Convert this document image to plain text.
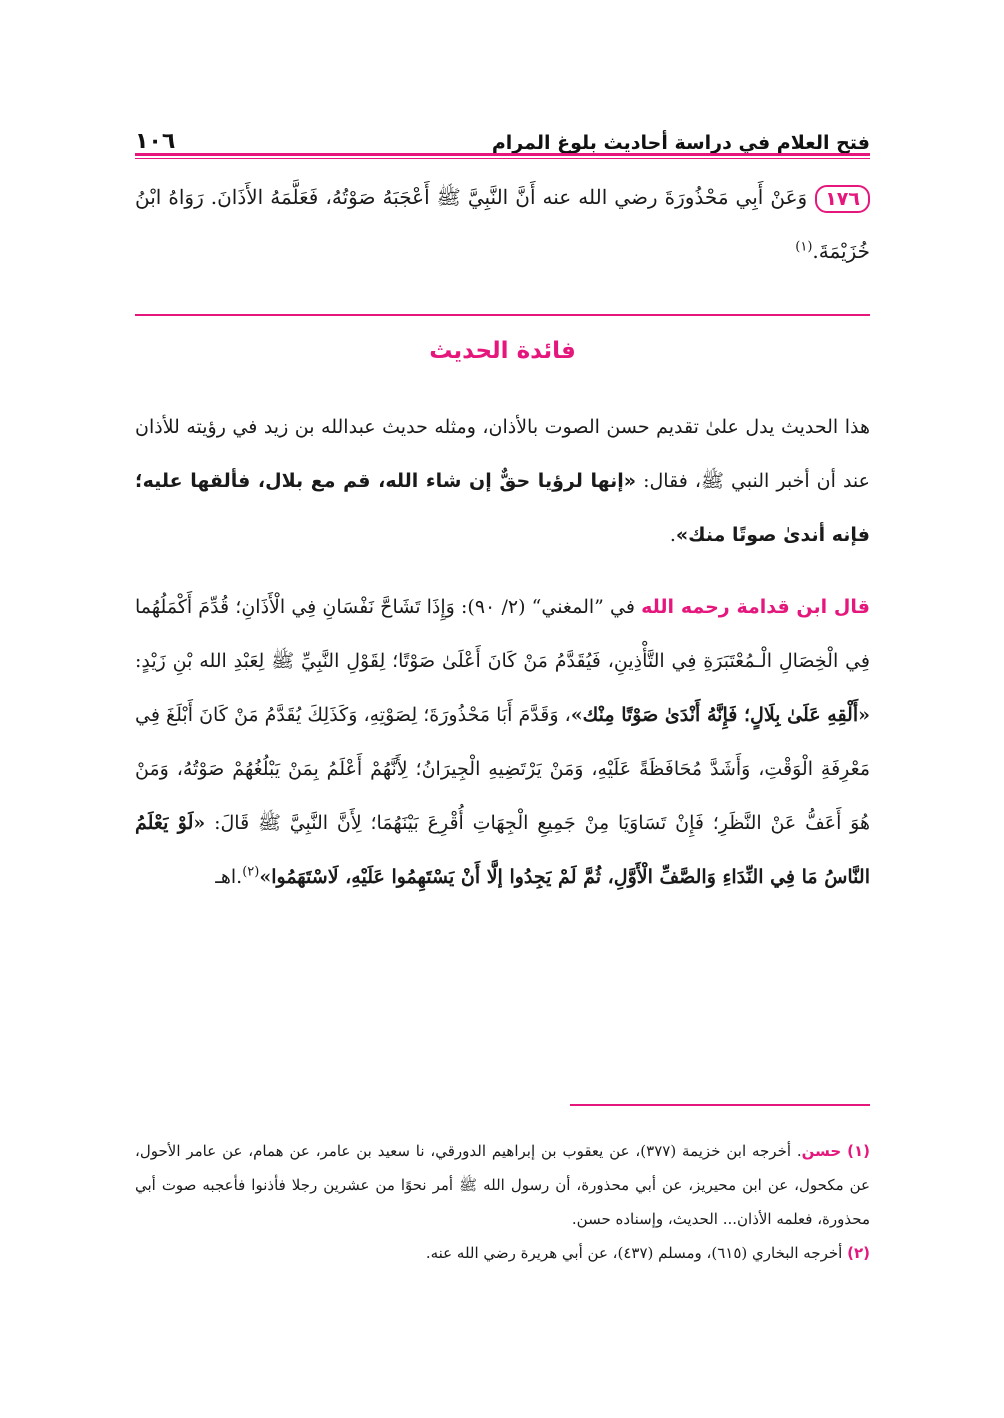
فتح العلام في دراسة أحاديث بلوغ المرام
١٠٦
١٧٦وَعَنْ أَبِي مَحْذُورَةَ رضي الله عنه أَنَّ النَّبِيَّ ﷺ أَعْجَبَهُ صَوْتُهُ، فَعَلَّمَهُ الأَذَانَ. رَوَاهُ ابْنُ خُزَيْمَةَ.$^{(١)}$
فائدة الحديث

هذا الحديث يدل علىٰ تقديم حسن الصوت بالأذان، ومثله حديث عبدالله بن زيد في رؤيته للأذان عند أن أخبر النبي ﷺ، فقال: «إنها لرؤيا حقٌّ إن شاء الله، قم مع بلال، فألقها عليه؛ فإنه أندىٰ صوتًا منك».

قال ابن قدامة رحمه الله في ”المغني“ (٢/ ٩٠): وَإِذَا تَشَاحَّ نَفْسَانِ فِي الْأَذَانِ؛ قُدِّمَ أَكْمَلُهُما فِي الْخِصَالِ الْـمُعْتَبَرَةِ فِي التَّأْذِينِ، فَيُقَدَّمُ مَنْ كَانَ أَعْلَىٰ صَوْتًا؛ لِقَوْلِ النَّبِيِّ ﷺ لِعَبْدِ الله بْنِ زَيْدٍ: «أَلْقِهِ عَلَىٰ بِلَالٍ؛ فَإِنَّهُ أَنْدَىٰ صَوْتًا مِنْك»، وَقَدَّمَ أَبَا مَحْذُورَةَ؛ لِصَوْتِهِ، وَكَذَلِكَ يُقَدَّمُ مَنْ كَانَ أَبْلَغَ فِي مَعْرِفَةِ الْوَقْتِ، وَأَشَدَّ مُحَافَظَةً عَلَيْهِ، وَمَنْ يَرْتَضِيهِ الْجِيرَانُ؛ لِأَنَّهُمْ أَعْلَمُ بِمَنْ يَبْلُغُهُمْ صَوْتُهُ، وَمَنْ هُوَ أَعَفُّ عَنْ النَّظَرِ؛ فَإِنْ تَسَاوَيَا مِنْ جَمِيعِ الْجِهَاتِ أُقْرِعَ بَيْنَهُمَا؛ لِأَنَّ النَّبِيَّ ﷺ قَالَ: «لَوْ يَعْلَمُ النَّاسُ مَا فِي النِّدَاءِ وَالصَّفِّ الْأَوَّلِ، ثُمَّ لَمْ يَجِدُوا إلَّا أَنْ يَسْتَهِمُوا عَلَيْهِ، لَاسْتَهَمُوا»$^{(٢)}$.اهـ

(١) حسن. أخرجه ابن خزيمة (٣٧٧)، عن يعقوب بن إبراهيم الدورقي، نا سعيد بن عامر، عن همام، عن عامر الأحول، عن مكحول، عن ابن محيريز، عن أبي محذورة، أن رسول الله ﷺ أمر نحوًا من عشرين رجلا فأذنوا فأعجبه صوت أبي محذورة، فعلمه الأذان... الحديث، وإسناده حسن.

(٢) أخرجه البخاري (٦١٥)، ومسلم (٤٣٧)، عن أبي هريرة رضي الله عنه.
